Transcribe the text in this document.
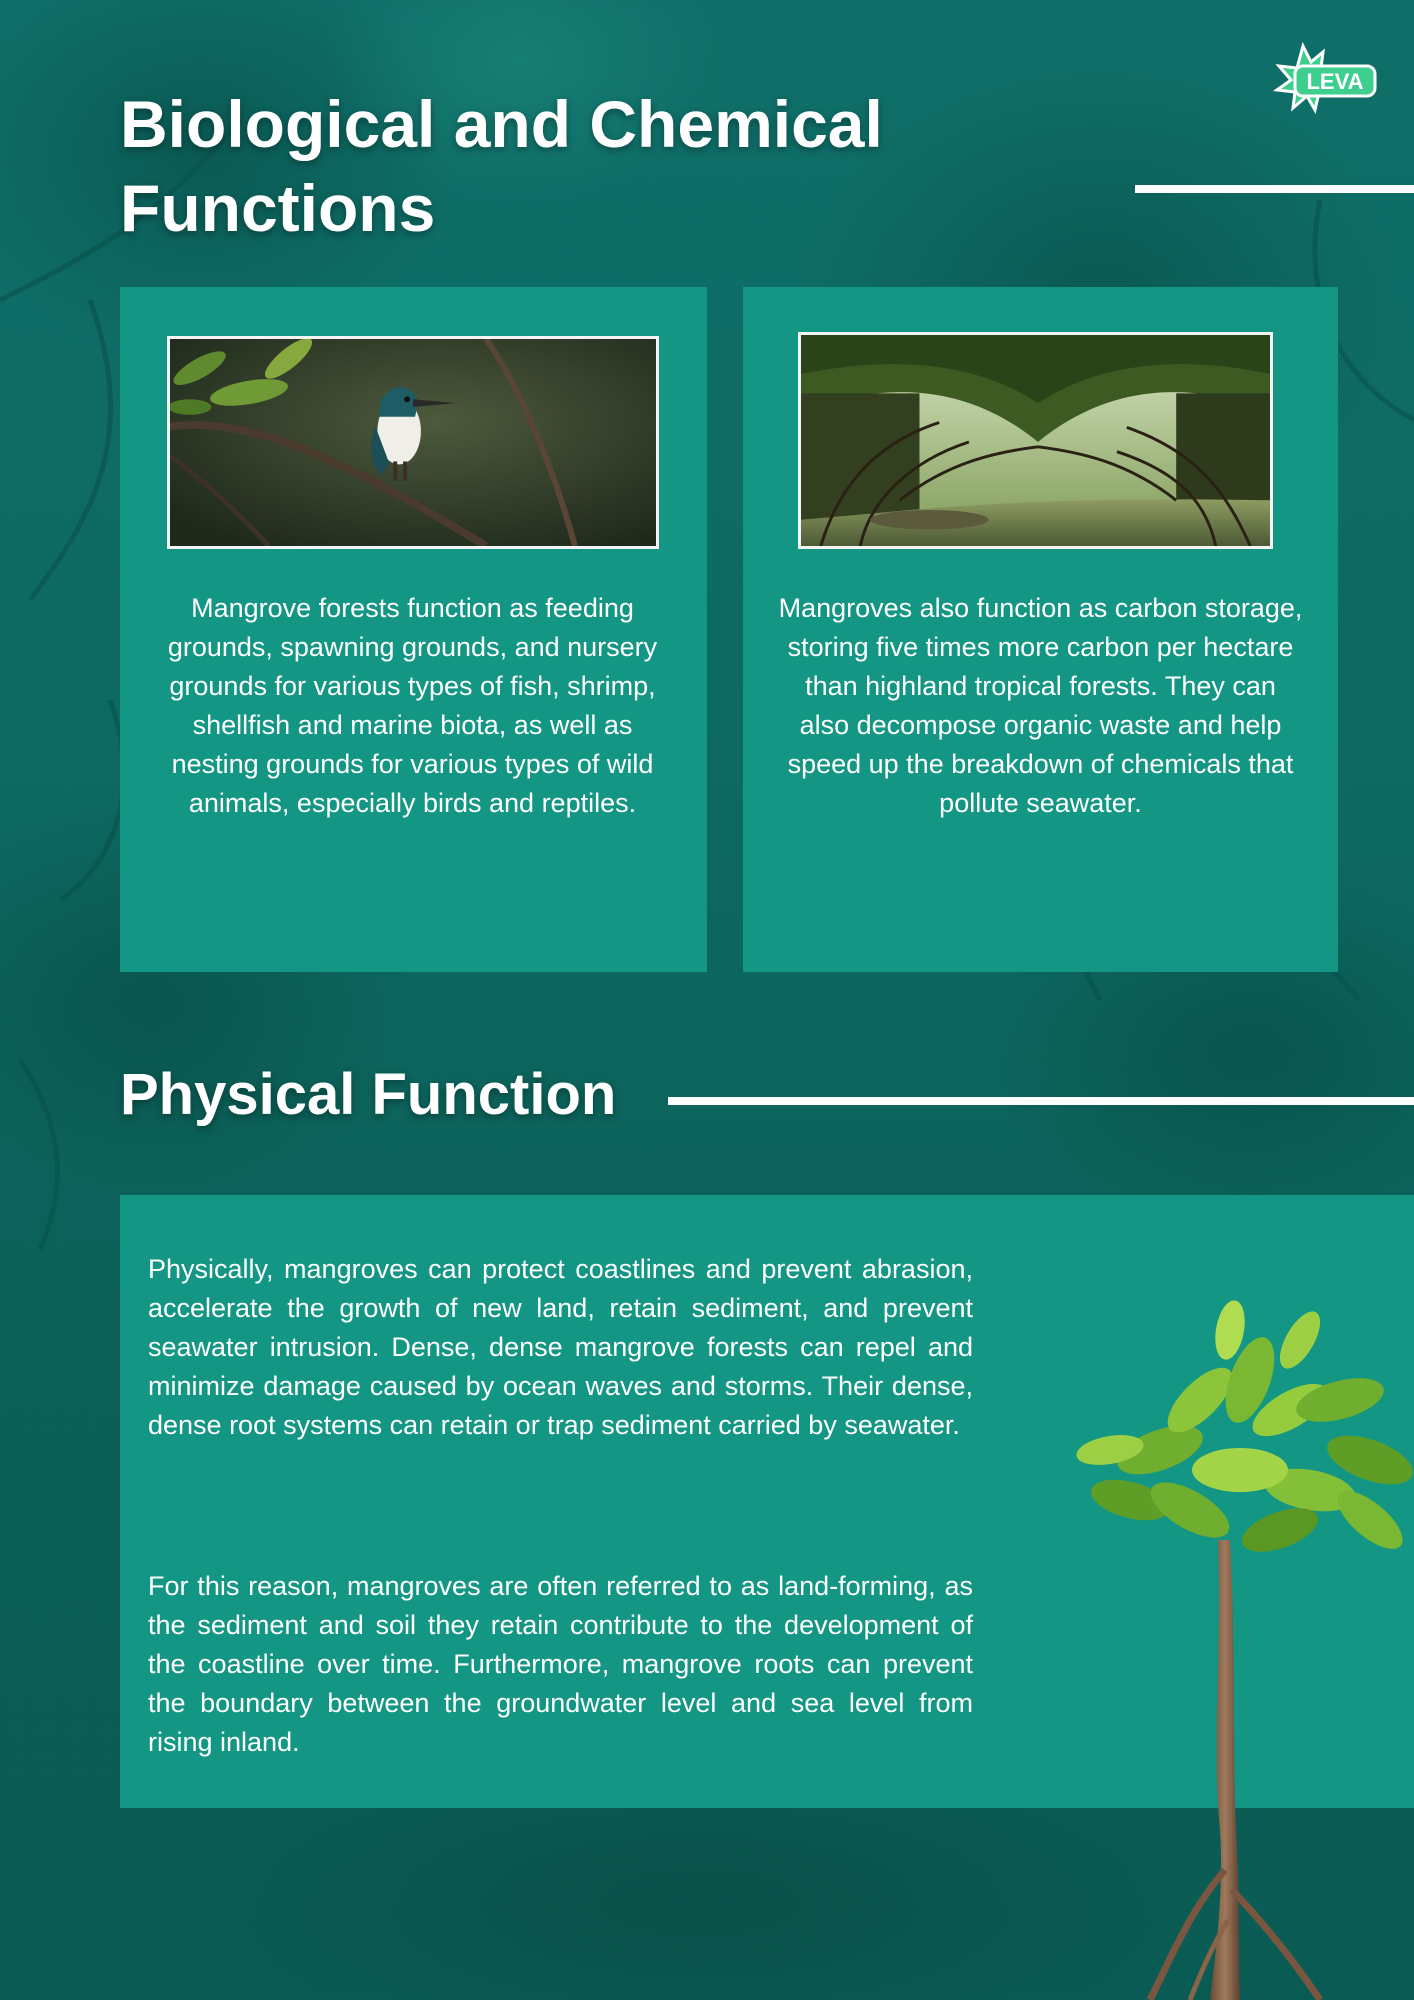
LEVA
Biological and Chemical Functions

Mangrove forests function as feeding grounds, spawning grounds, and nursery grounds for various types of fish, shrimp, shellfish and marine biota, as well as nesting grounds for various types of wild animals, especially birds and reptiles.

Mangroves also function as carbon storage, storing five times more carbon per hectare than highland tropical forests. They can also decompose organic waste and help speed up the breakdown of chemicals that pollute seawater.

Physical Function

Physically, mangroves can protect coastlines and prevent abrasion, accelerate the growth of new land, retain sediment, and prevent seawater intrusion. Dense, dense mangrove forests can repel and minimize damage caused by ocean waves and storms. Their dense, dense root systems can retain or trap sediment carried by seawater.

For this reason, mangroves are often referred to as land-forming, as the sediment and soil they retain contribute to the development of the coastline over time. Furthermore, mangrove roots can prevent the boundary between the groundwater level and sea level from rising inland.
